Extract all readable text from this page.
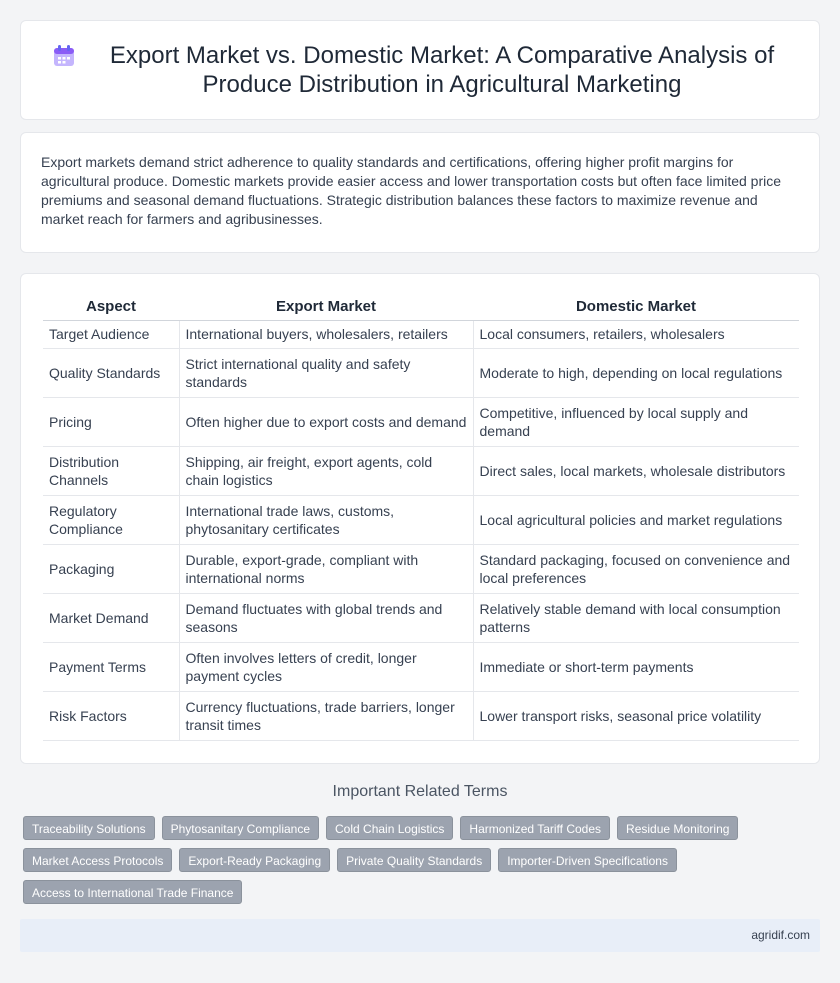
Export Market vs. Domestic Market: A Comparative Analysis of Produce Distribution in Agricultural Marketing

Export markets demand strict adherence to quality standards and certifications, offering higher profit margins for agricultural produce. Domestic markets provide easier access and lower transportation costs but often face limited price premiums and seasonal demand fluctuations. Strategic distribution balances these factors to maximize revenue and market reach for farmers and agribusinesses.

Aspect	Export Market	Domestic Market
Target Audience	International buyers, wholesalers, retailers	Local consumers, retailers, wholesalers
Quality Standards	Strict international quality and safety standards	Moderate to high, depending on local regulations
Pricing	Often higher due to export costs and demand	Competitive, influenced by local supply and demand
Distribution Channels	Shipping, air freight, export agents, cold chain logistics	Direct sales, local markets, wholesale distributors
Regulatory Compliance	International trade laws, customs, phytosanitary certificates	Local agricultural policies and market regulations
Packaging	Durable, export-grade, compliant with international norms	Standard packaging, focused on convenience and local preferences
Market Demand	Demand fluctuates with global trends and seasons	Relatively stable demand with local consumption patterns
Payment Terms	Often involves letters of credit, longer payment cycles	Immediate or short-term payments
Risk Factors	Currency fluctuations, trade barriers, longer transit times	Lower transport risks, seasonal price volatility
Important Related Terms
Traceability Solutions	Phytosanitary Compliance	Cold Chain Logistics	Harmonized Tariff Codes	Residue Monitoring
Market Access Protocols	Export-Ready Packaging	Private Quality Standards	Importer-Driven Specifications
Access to International Trade Finance
agridif.com
